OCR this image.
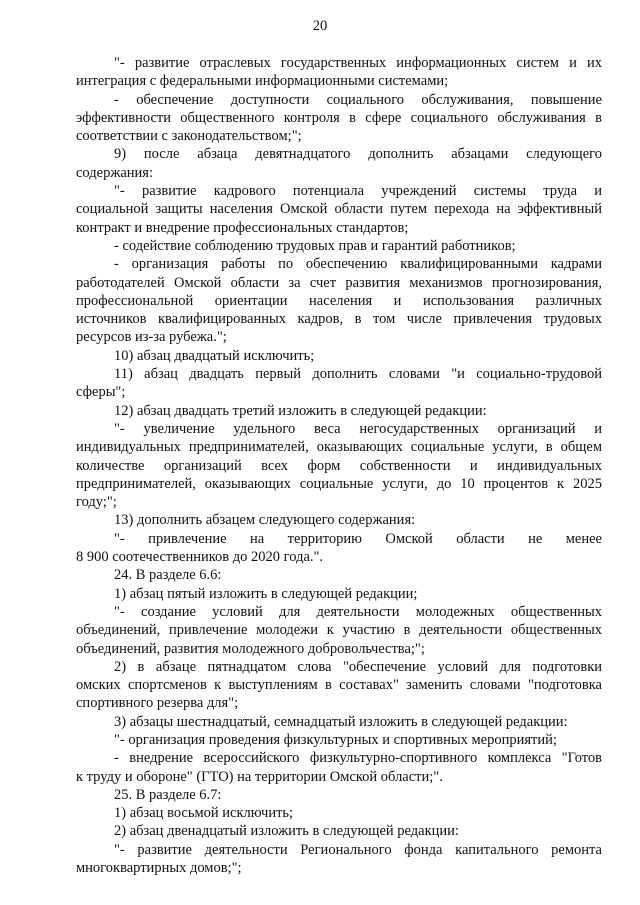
20
"- развитие отраслевых государственных информационных систем и их
интеграция с федеральными информационными системами;
- обеспечение доступности социального обслуживания, повышение
эффективности общественного контроля в сфере социального обслуживания в
соответствии с законодательством;";
9) после абзаца девятнадцатого дополнить абзацами следующего
содержания:
"- развитие кадрового потенциала учреждений системы труда и
социальной защиты населения Омской области путем перехода на эффективный
контракт и внедрение профессиональных стандартов;
- содействие соблюдению трудовых прав и гарантий работников;
- организация работы по обеспечению квалифицированными кадрами
работодателей Омской области за счет развития механизмов прогнозирования,
профессиональной ориентации населения и использования различных
источников квалифицированных кадров, в том числе привлечения трудовых
ресурсов из-за рубежа.";
10) абзац двадцатый исключить;
11) абзац двадцать первый дополнить словами "и социально-трудовой
сферы";
12) абзац двадцать третий изложить в следующей редакции:
"- увеличение удельного веса негосударственных организаций и
индивидуальных предпринимателей, оказывающих социальные услуги, в общем
количестве организаций всех форм собственности и индивидуальных
предпринимателей, оказывающих социальные услуги, до 10 процентов к 2025
году;";
13) дополнить абзацем следующего содержания:
"- привлечение на территорию Омской области не менее
8 900 соотечественников до 2020 года.".
24. В разделе 6.6:
1) абзац пятый изложить в следующей редакции;
"- создание условий для деятельности молодежных общественных
объединений, привлечение молодежи к участию в деятельности общественных
объединений, развития молодежного добровольчества;";
2) в абзаце пятнадцатом слова "обеспечение условий для подготовки
омских спортсменов к выступлениям в составах" заменить словами "подготовка
спортивного резерва для";
3) абзацы шестнадцатый, семнадцатый изложить в следующей редакции:
"- организация проведения физкультурных и спортивных мероприятий;
- внедрение всероссийского физкультурно-спортивного комплекса "Готов
к труду и обороне" (ГТО) на территории Омской области;".
25. В разделе 6.7:
1) абзац восьмой исключить;
2) абзац двенадцатый изложить в следующей редакции:
"- развитие деятельности Регионального фонда капитального ремонта
многоквартирных домов;";
